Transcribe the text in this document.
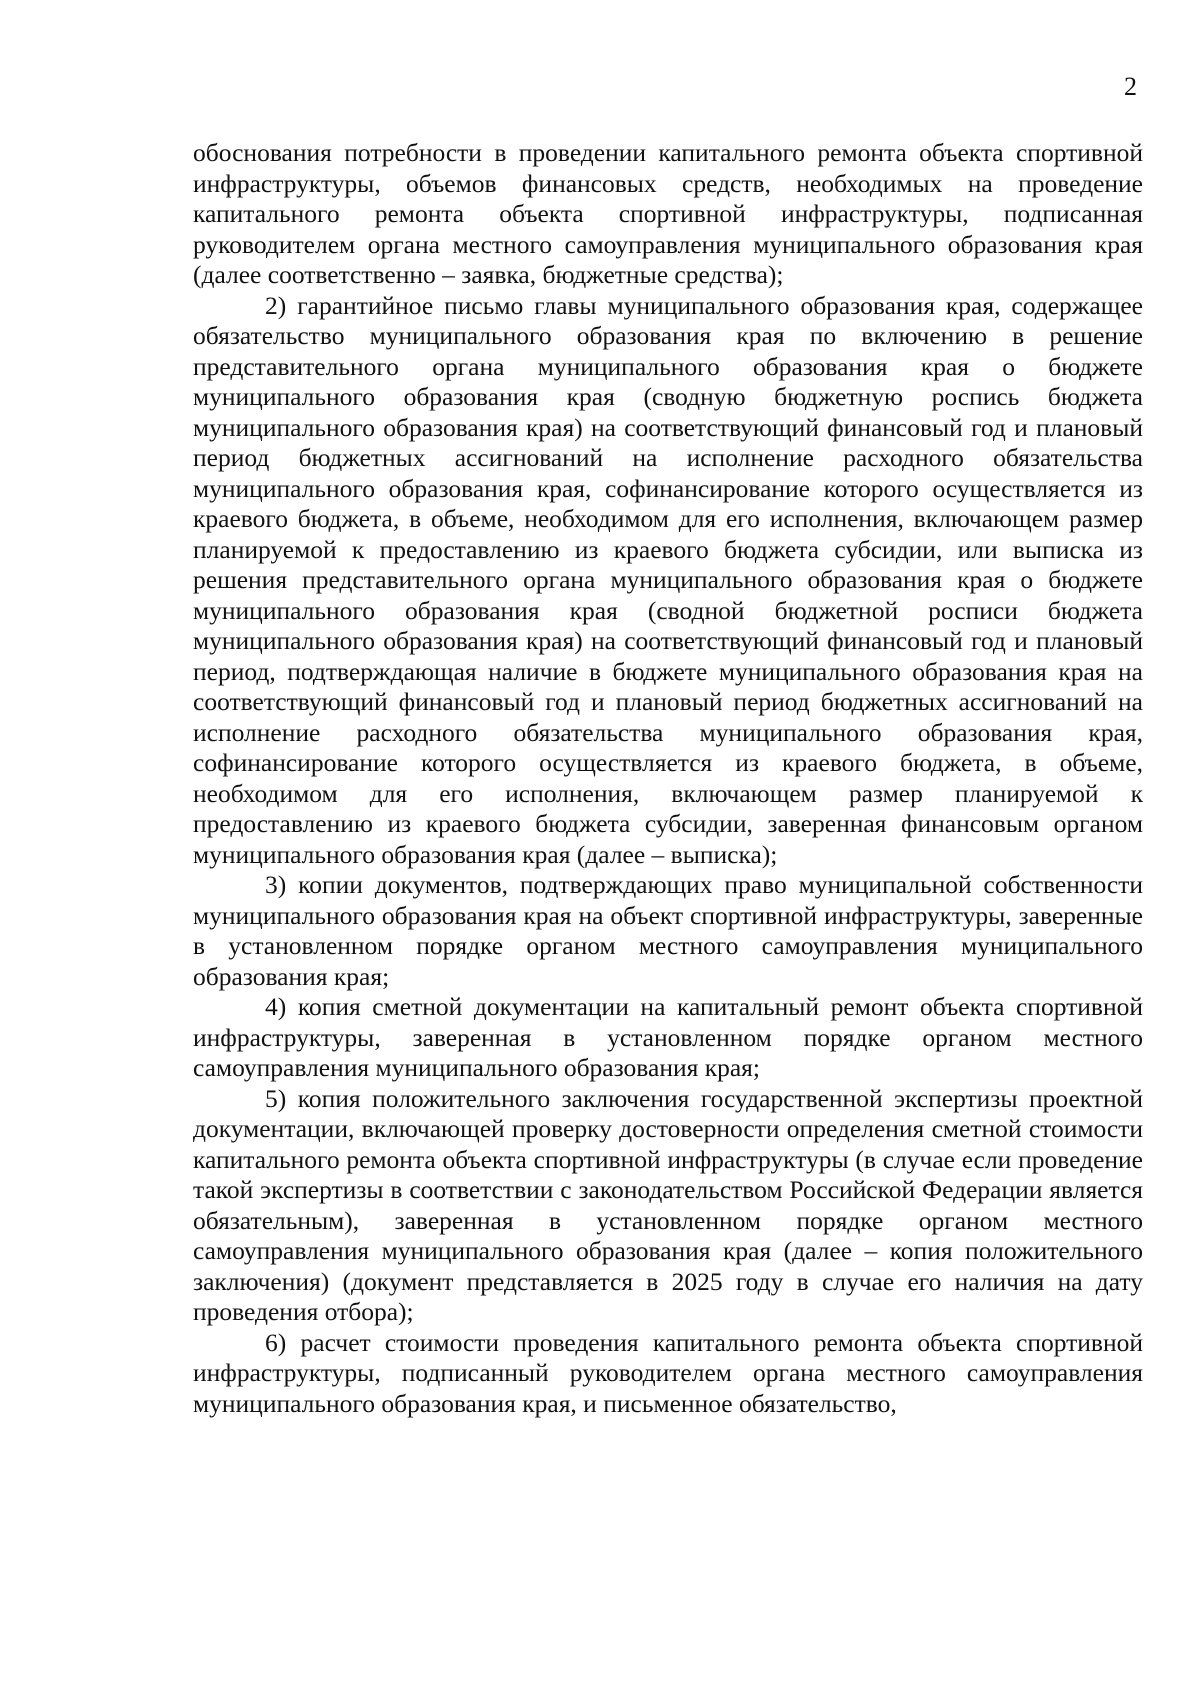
2

обоснования потребности в проведении капитального ремонта объекта спортивной инфраструктуры, объемов финансовых средств, необходимых на проведение капитального ремонта объекта спортивной инфраструктуры, подписанная руководителем органа местного самоуправления муниципального образования края (далее соответственно – заявка, бюджетные средства);

2) гарантийное письмо главы муниципального образования края, содержащее обязательство муниципального образования края по включению в решение представительного органа муниципального образования края о бюджете муниципального образования края (сводную бюджетную роспись бюджета муниципального образования края) на соответствующий финансовый год и плановый период бюджетных ассигнований на исполнение расходного обязательства муниципального образования края, софинансирование которого осуществляется из краевого бюджета, в объеме, необходимом для его исполнения, включающем размер планируемой к предоставлению из краевого бюджета субсидии, или выписка из решения представительного органа муниципального образования края о бюджете муниципального образования края (сводной бюджетной росписи бюджета муниципального образования края) на соответствующий финансовый год и плановый период, подтверждающая наличие в бюджете муниципального образования края на соответствующий финансовый год и плановый период бюджетных ассигнований на исполнение расходного обязательства муниципального образования края, софинансирование которого осуществляется из краевого бюджета, в объеме, необходимом для его исполнения, включающем размер планируемой к предоставлению из краевого бюджета субсидии, заверенная финансовым органом муниципального образования края (далее – выписка);

3) копии документов, подтверждающих право муниципальной собственности муниципального образования края на объект спортивной инфраструктуры, заверенные в установленном порядке органом местного самоуправления муниципального образования края;

4) копия сметной документации на капитальный ремонт объекта спортивной инфраструктуры, заверенная в установленном порядке органом местного самоуправления муниципального образования края;

5) копия положительного заключения государственной экспертизы проектной документации, включающей проверку достоверности определения сметной стоимости капитального ремонта объекта спортивной инфраструктуры (в случае если проведение такой экспертизы в соответствии с законодательством Российской Федерации является обязательным), заверенная в установленном порядке органом местного самоуправления муниципального образования края (далее – копия положительного заключения) (документ представляется в 2025 году в случае его наличия на дату проведения отбора);

6) расчет стоимости проведения капитального ремонта объекта спортивной инфраструктуры, подписанный руководителем органа местного самоуправления муниципального образования края, и письменное обязательство,
